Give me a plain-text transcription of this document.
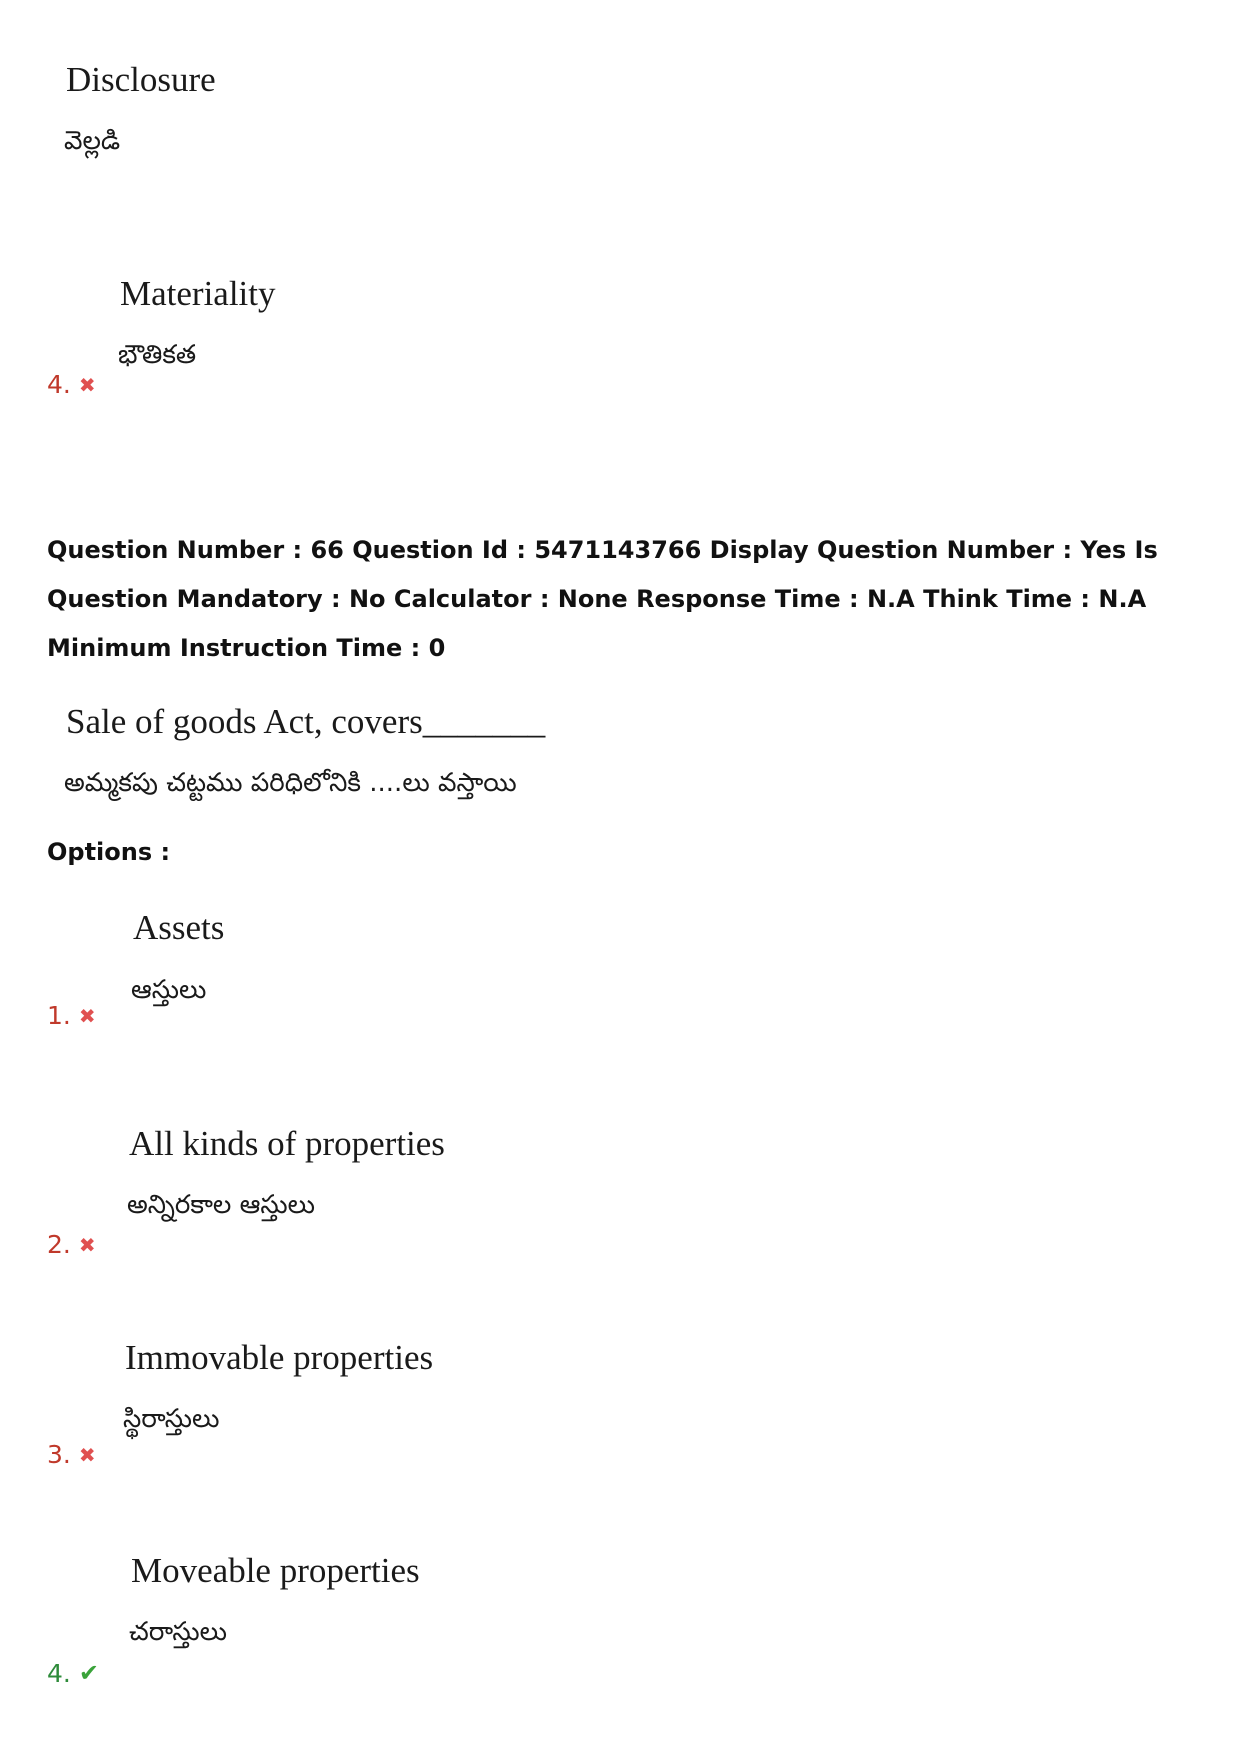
Disclosure
వెల్లడి
Materiality
భౌతికత
4. ✖
Question Number : 66 Question Id : 5471143766 Display Question Number : Yes Is Question Mandatory : No Calculator : None Response Time : N.A Think Time : N.A Minimum Instruction Time : 0
Sale of goods Act, covers_______
అమ్మకపు చట్టము పరిధిలోనికి ....లు వస్తాయి
Options :
Assets
ఆస్తులు
1. ✖
All kinds of properties
అన్నిరకాల ఆస్తులు
2. ✖
Immovable properties
స్థిరాస్తులు
3. ✖
Moveable properties
చరాస్తులు
4. ✔
